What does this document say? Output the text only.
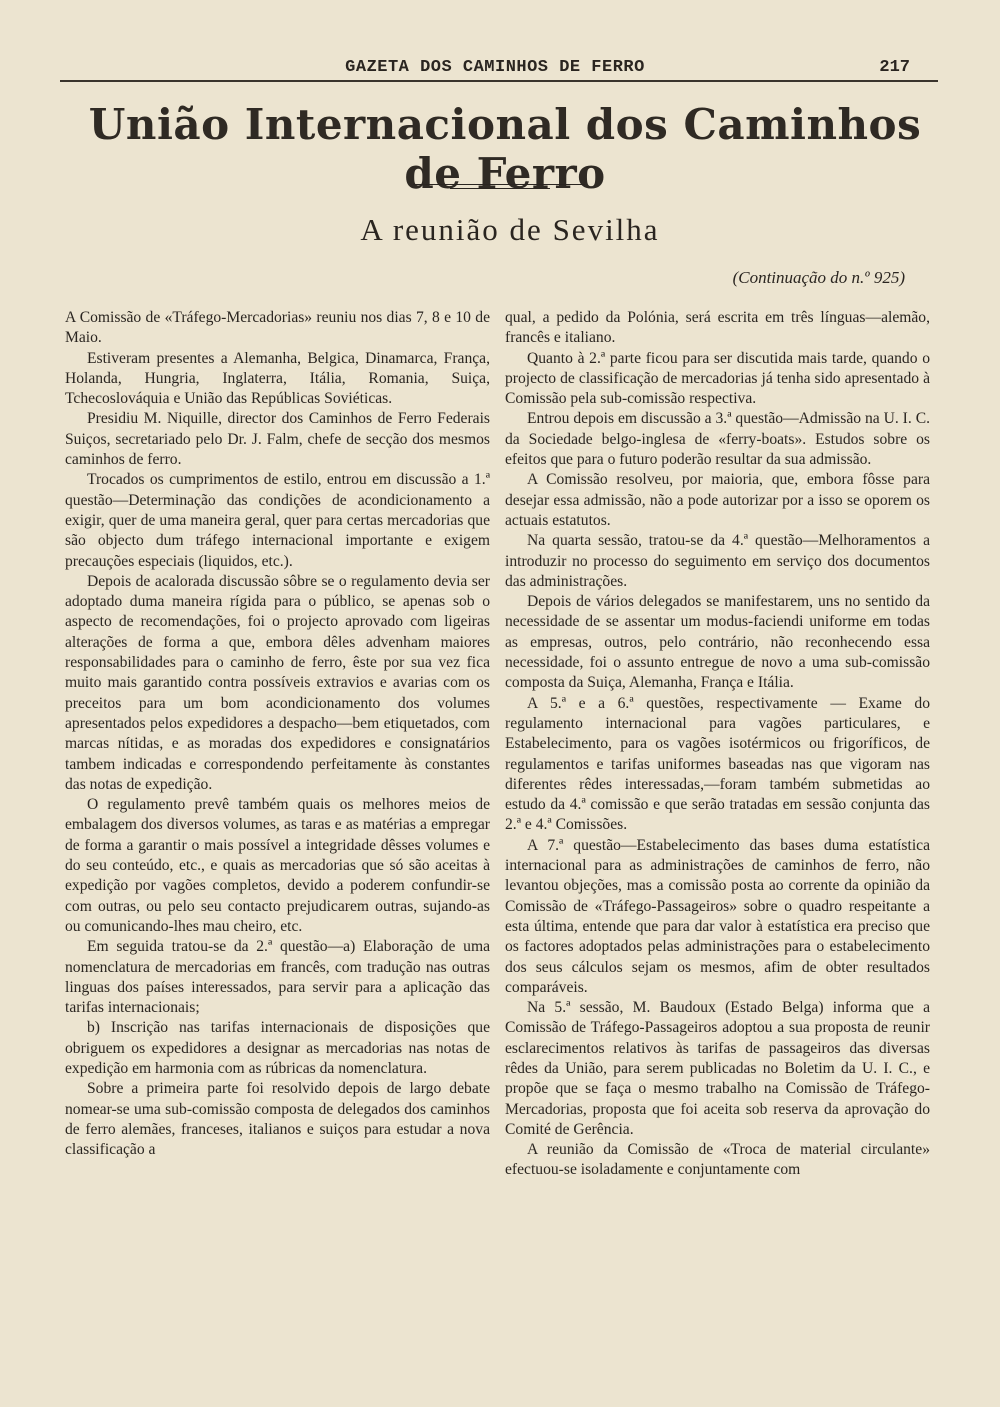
GAZETA DOS CAMINHOS DE FERRO	217
União Internacional dos Caminhos de Ferro
A reunião de Sevilha
(Continuação do n.º 925)

A Comissão de «Tráfego-Mercadorias» reuniu nos dias 7, 8 e 10 de Maio.

Estiveram presentes a Alemanha, Belgica, Dinamarca, França, Holanda, Hungria, Inglaterra, Itália, Romania, Suiça, Tchecoslováquia e União das Repúblicas Soviéticas.

Presidiu M. Niquille, director dos Caminhos de Ferro Federais Suiços, secretariado pelo Dr. J. Falm, chefe de secção dos mesmos caminhos de ferro.

Trocados os cumprimentos de estilo, entrou em discussão a 1.ª questão—Determinação das condições de acondicionamento a exigir, quer de uma maneira geral, quer para certas mercadorias que são objecto dum tráfego internacional importante e exigem precauções especiais (liquidos, etc.).

Depois de acalorada discussão sôbre se o regulamento devia ser adoptado duma maneira rígida para o público, se apenas sob o aspecto de recomendações, foi o projecto aprovado com ligeiras alterações de forma a que, embora dêles advenham maiores responsabilidades para o caminho de ferro, êste por sua vez fica muito mais garantido contra possíveis extravios e avarias com os preceitos para um bom acondicionamento dos volumes apresentados pelos expedidores a despacho—bem etiquetados, com marcas nítidas, e as moradas dos expedidores e consignatários tambem indicadas e correspondendo perfeitamente às constantes das notas de expedição.

O regulamento prevê também quais os melhores meios de embalagem dos diversos volumes, as taras e as matérias a empregar de forma a garantir o mais possível a integridade dêsses volumes e do seu conteúdo, etc., e quais as mercadorias que só são aceitas à expedição por vagões completos, devido a poderem confundir-se com outras, ou pelo seu contacto prejudicarem outras, sujando-as ou comunicando-lhes mau cheiro, etc.

Em seguida tratou-se da 2.ª questão—a) Elaboração de uma nomenclatura de mercadorias em francês, com tradução nas outras linguas dos países interessados, para servir para a aplicação das tarifas internacionais;

b) Inscrição nas tarifas internacionais de disposições que obriguem os expedidores a designar as mercadorias nas notas de expedição em harmonia com as rúbricas da nomenclatura.

Sobre a primeira parte foi resolvido depois de largo debate nomear-se uma sub-comissão composta de delegados dos caminhos de ferro alemães, franceses, italianos e suiços para estudar a nova classificação a

qual, a pedido da Polónia, será escrita em três línguas—alemão, francês e italiano.

Quanto à 2.ª parte ficou para ser discutida mais tarde, quando o projecto de classificação de mercadorias já tenha sido apresentado à Comissão pela sub-comissão respectiva.

Entrou depois em discussão a 3.ª questão—Admissão na U. I. C. da Sociedade belgo-inglesa de «ferry-boats». Estudos sobre os efeitos que para o futuro poderão resultar da sua admissão.

A Comissão resolveu, por maioria, que, embora fôsse para desejar essa admissão, não a pode autorizar por a isso se oporem os actuais estatutos.

Na quarta sessão, tratou-se da 4.ª questão—Melhoramentos a introduzir no processo do seguimento em serviço dos documentos das administrações.

Depois de vários delegados se manifestarem, uns no sentido da necessidade de se assentar um modus-faciendi uniforme em todas as empresas, outros, pelo contrário, não reconhecendo essa necessidade, foi o assunto entregue de novo a uma sub-comissão composta da Suiça, Alemanha, França e Itália.

A 5.ª e a 6.ª questões, respectivamente — Exame do regulamento internacional para vagões particulares, e Estabelecimento, para os vagões isotérmicos ou frigoríficos, de regulamentos e tarifas uniformes baseadas nas que vigoram nas diferentes rêdes interessadas,—foram também submetidas ao estudo da 4.ª comissão e que serão tratadas em sessão conjunta das 2.ª e 4.ª Comissões.

A 7.ª questão—Estabelecimento das bases duma estatística internacional para as administrações de caminhos de ferro, não levantou objeções, mas a comissão posta ao corrente da opinião da Comissão de «Tráfego-Passageiros» sobre o quadro respeitante a esta última, entende que para dar valor à estatística era preciso que os factores adoptados pelas administrações para o estabelecimento dos seus cálculos sejam os mesmos, afim de obter resultados comparáveis.

Na 5.ª sessão, M. Baudoux (Estado Belga) informa que a Comissão de Tráfego-Passageiros adoptou a sua proposta de reunir esclarecimentos relativos às tarifas de passageiros das diversas rêdes da União, para serem publicadas no Boletim da U. I. C., e propõe que se faça o mesmo trabalho na Comissão de Tráfego-Mercadorias, proposta que foi aceita sob reserva da aprovação do Comité de Gerência.

A reunião da Comissão de «Troca de material circulante» efectuou-se isoladamente e conjuntamente com
